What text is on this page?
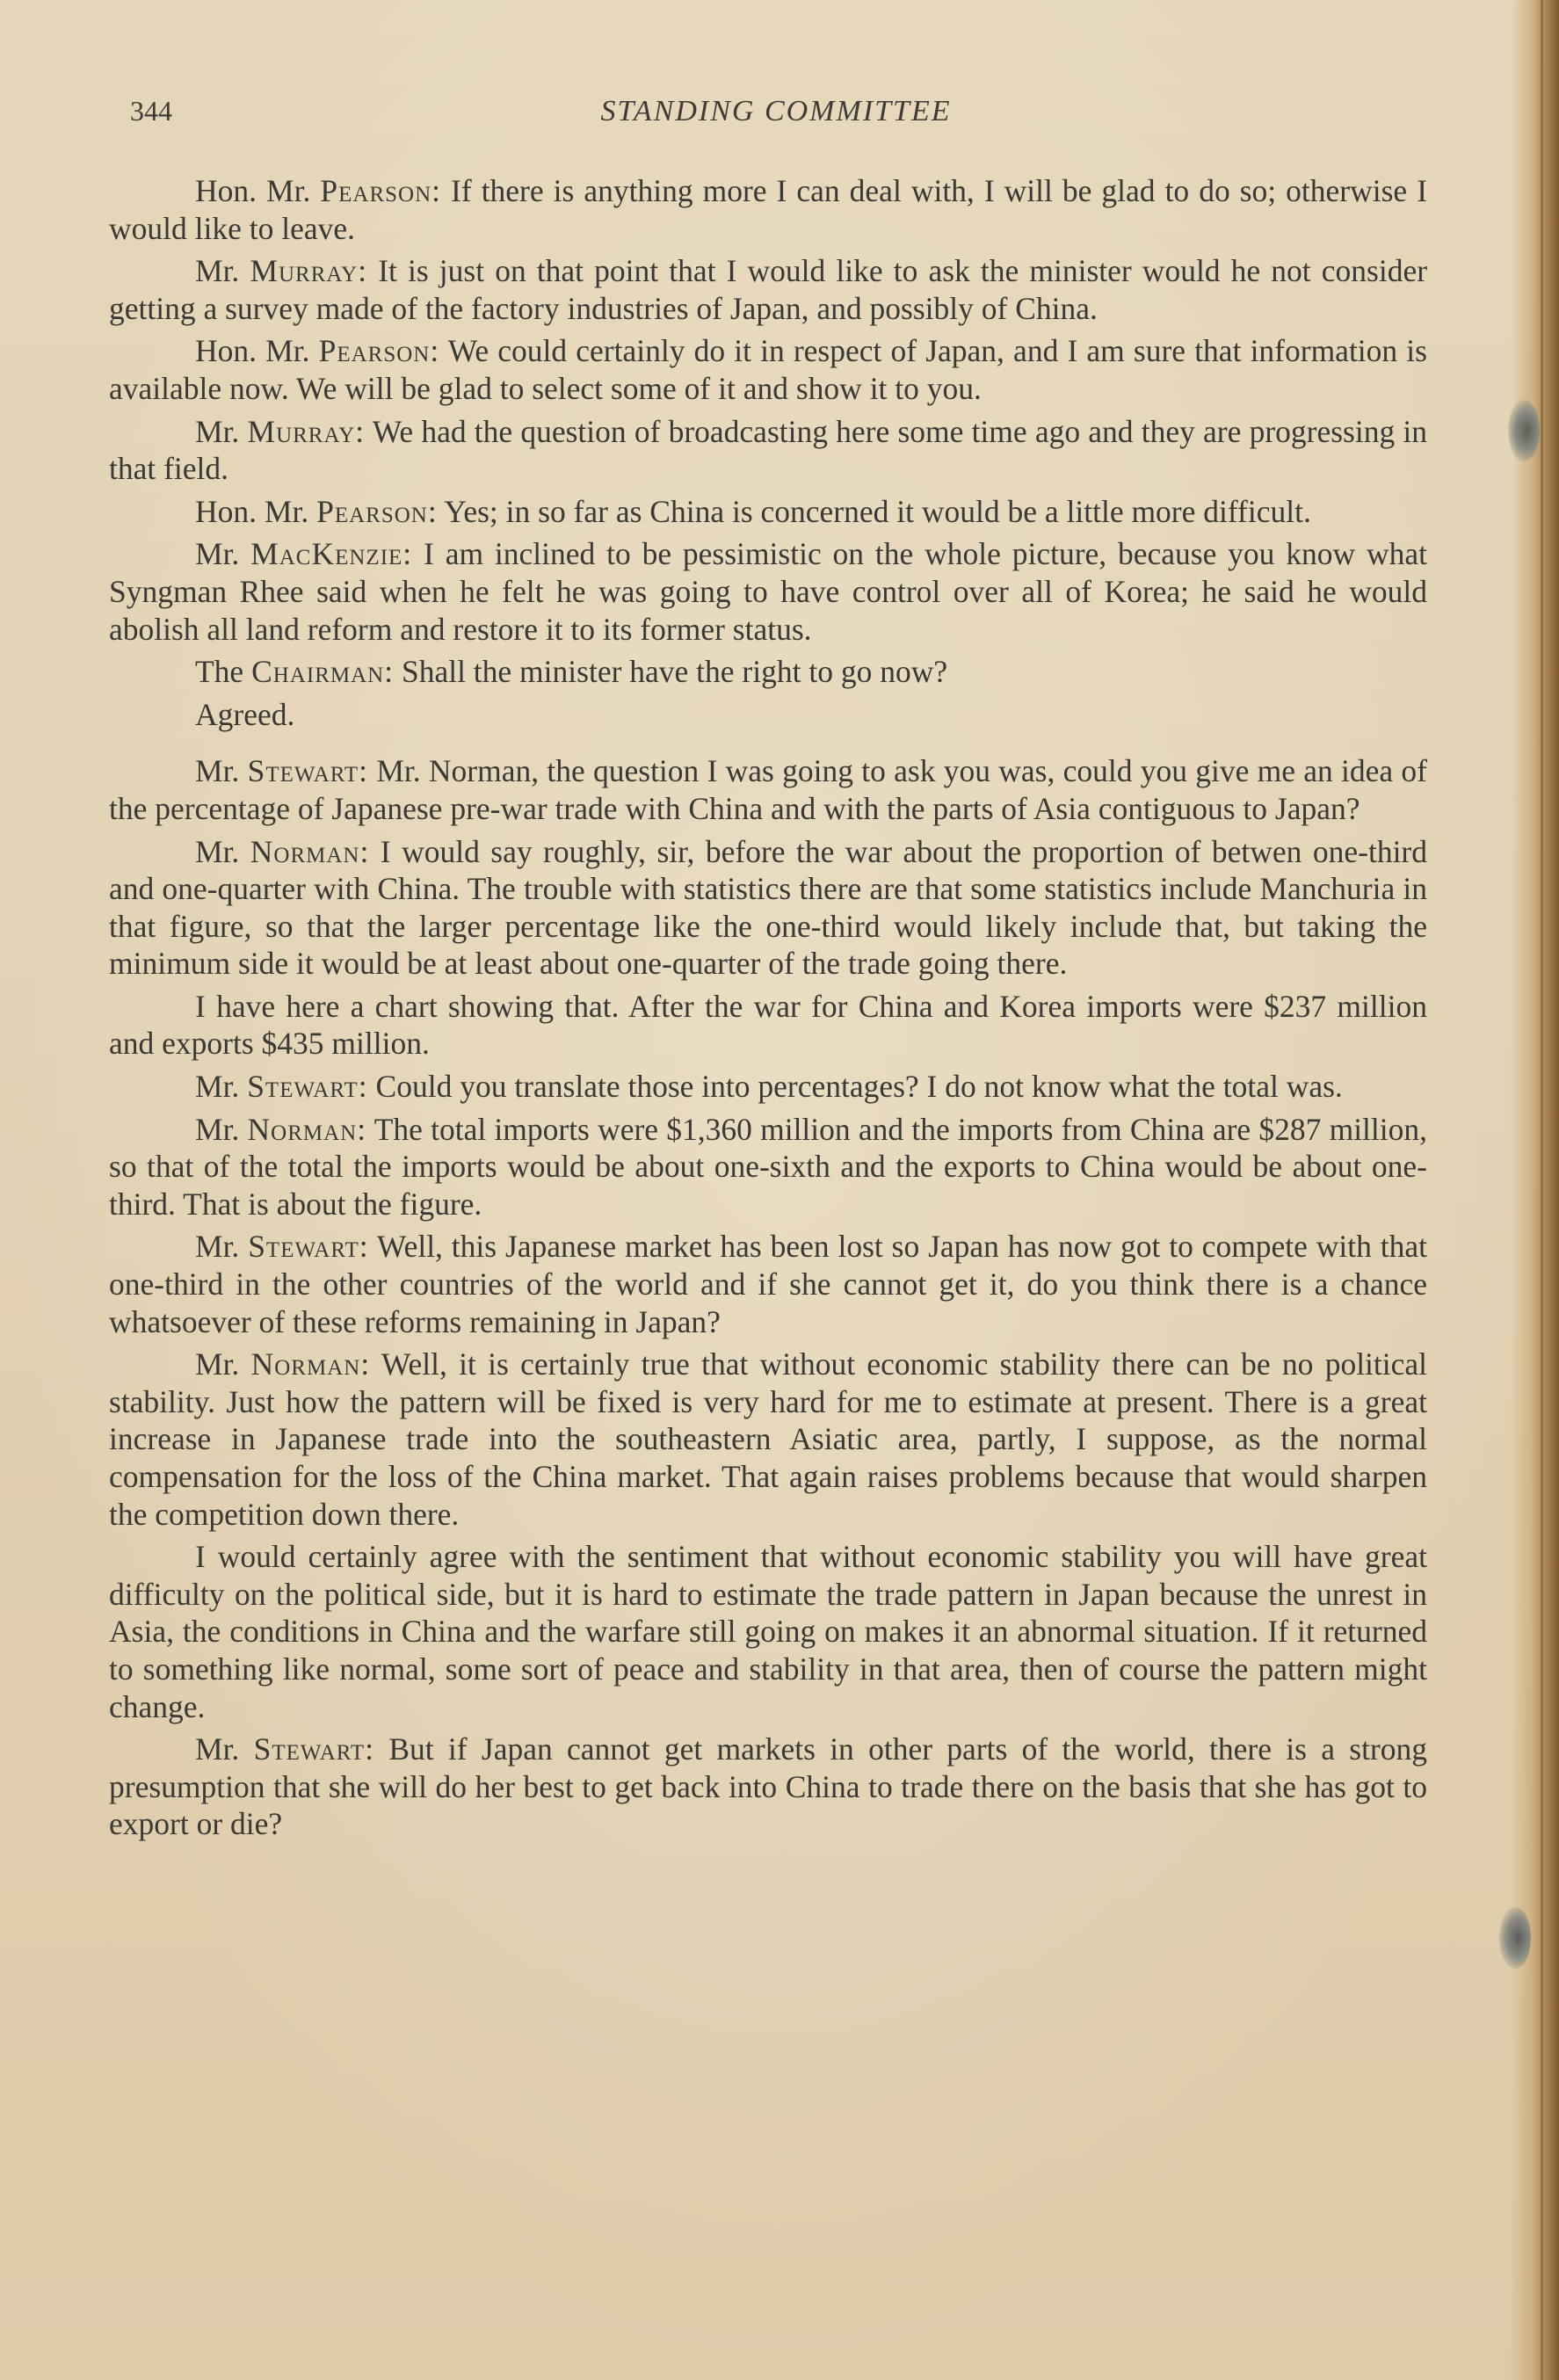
344	STANDING COMMITTEE

Hon. Mr. Pearson: If there is anything more I can deal with, I will be glad to do so; otherwise I would like to leave.

Mr. Murray: It is just on that point that I would like to ask the minister would he not consider getting a survey made of the factory industries of Japan, and possibly of China.

Hon. Mr. Pearson: We could certainly do it in respect of Japan, and I am sure that information is available now. We will be glad to select some of it and show it to you.

Mr. Murray: We had the question of broadcasting here some time ago and they are progressing in that field.

Hon. Mr. Pearson: Yes; in so far as China is concerned it would be a little more difficult.

Mr. MacKenzie: I am inclined to be pessimistic on the whole picture, because you know what Syngman Rhee said when he felt he was going to have control over all of Korea; he said he would abolish all land reform and restore it to its former status.

The Chairman: Shall the minister have the right to go now?

Agreed.

Mr. Stewart: Mr. Norman, the question I was going to ask you was, could you give me an idea of the percentage of Japanese pre-war trade with China and with the parts of Asia contiguous to Japan?

Mr. Norman: I would say roughly, sir, before the war about the proportion of betwen one-third and one-quarter with China. The trouble with statistics there are that some statistics include Manchuria in that figure, so that the larger percentage like the one-third would likely include that, but taking the minimum side it would be at least about one-quarter of the trade going there.

I have here a chart showing that. After the war for China and Korea imports were $237 million and exports $435 million.

Mr. Stewart: Could you translate those into percentages? I do not know what the total was.

Mr. Norman: The total imports were $1,360 million and the imports from China are $287 million, so that of the total the imports would be about one-sixth and the exports to China would be about one-third. That is about the figure.

Mr. Stewart: Well, this Japanese market has been lost so Japan has now got to compete with that one-third in the other countries of the world and if she cannot get it, do you think there is a chance whatsoever of these reforms remaining in Japan?

Mr. Norman: Well, it is certainly true that without economic stability there can be no political stability. Just how the pattern will be fixed is very hard for me to estimate at present. There is a great increase in Japanese trade into the southeastern Asiatic area, partly, I suppose, as the normal compensation for the loss of the China market. That again raises problems because that would sharpen the competition down there.

I would certainly agree with the sentiment that without economic stability you will have great difficulty on the political side, but it is hard to estimate the trade pattern in Japan because the unrest in Asia, the conditions in China and the warfare still going on makes it an abnormal situation. If it returned to something like normal, some sort of peace and stability in that area, then of course the pattern might change.

Mr. Stewart: But if Japan cannot get markets in other parts of the world, there is a strong presumption that she will do her best to get back into China to trade there on the basis that she has got to export or die?
